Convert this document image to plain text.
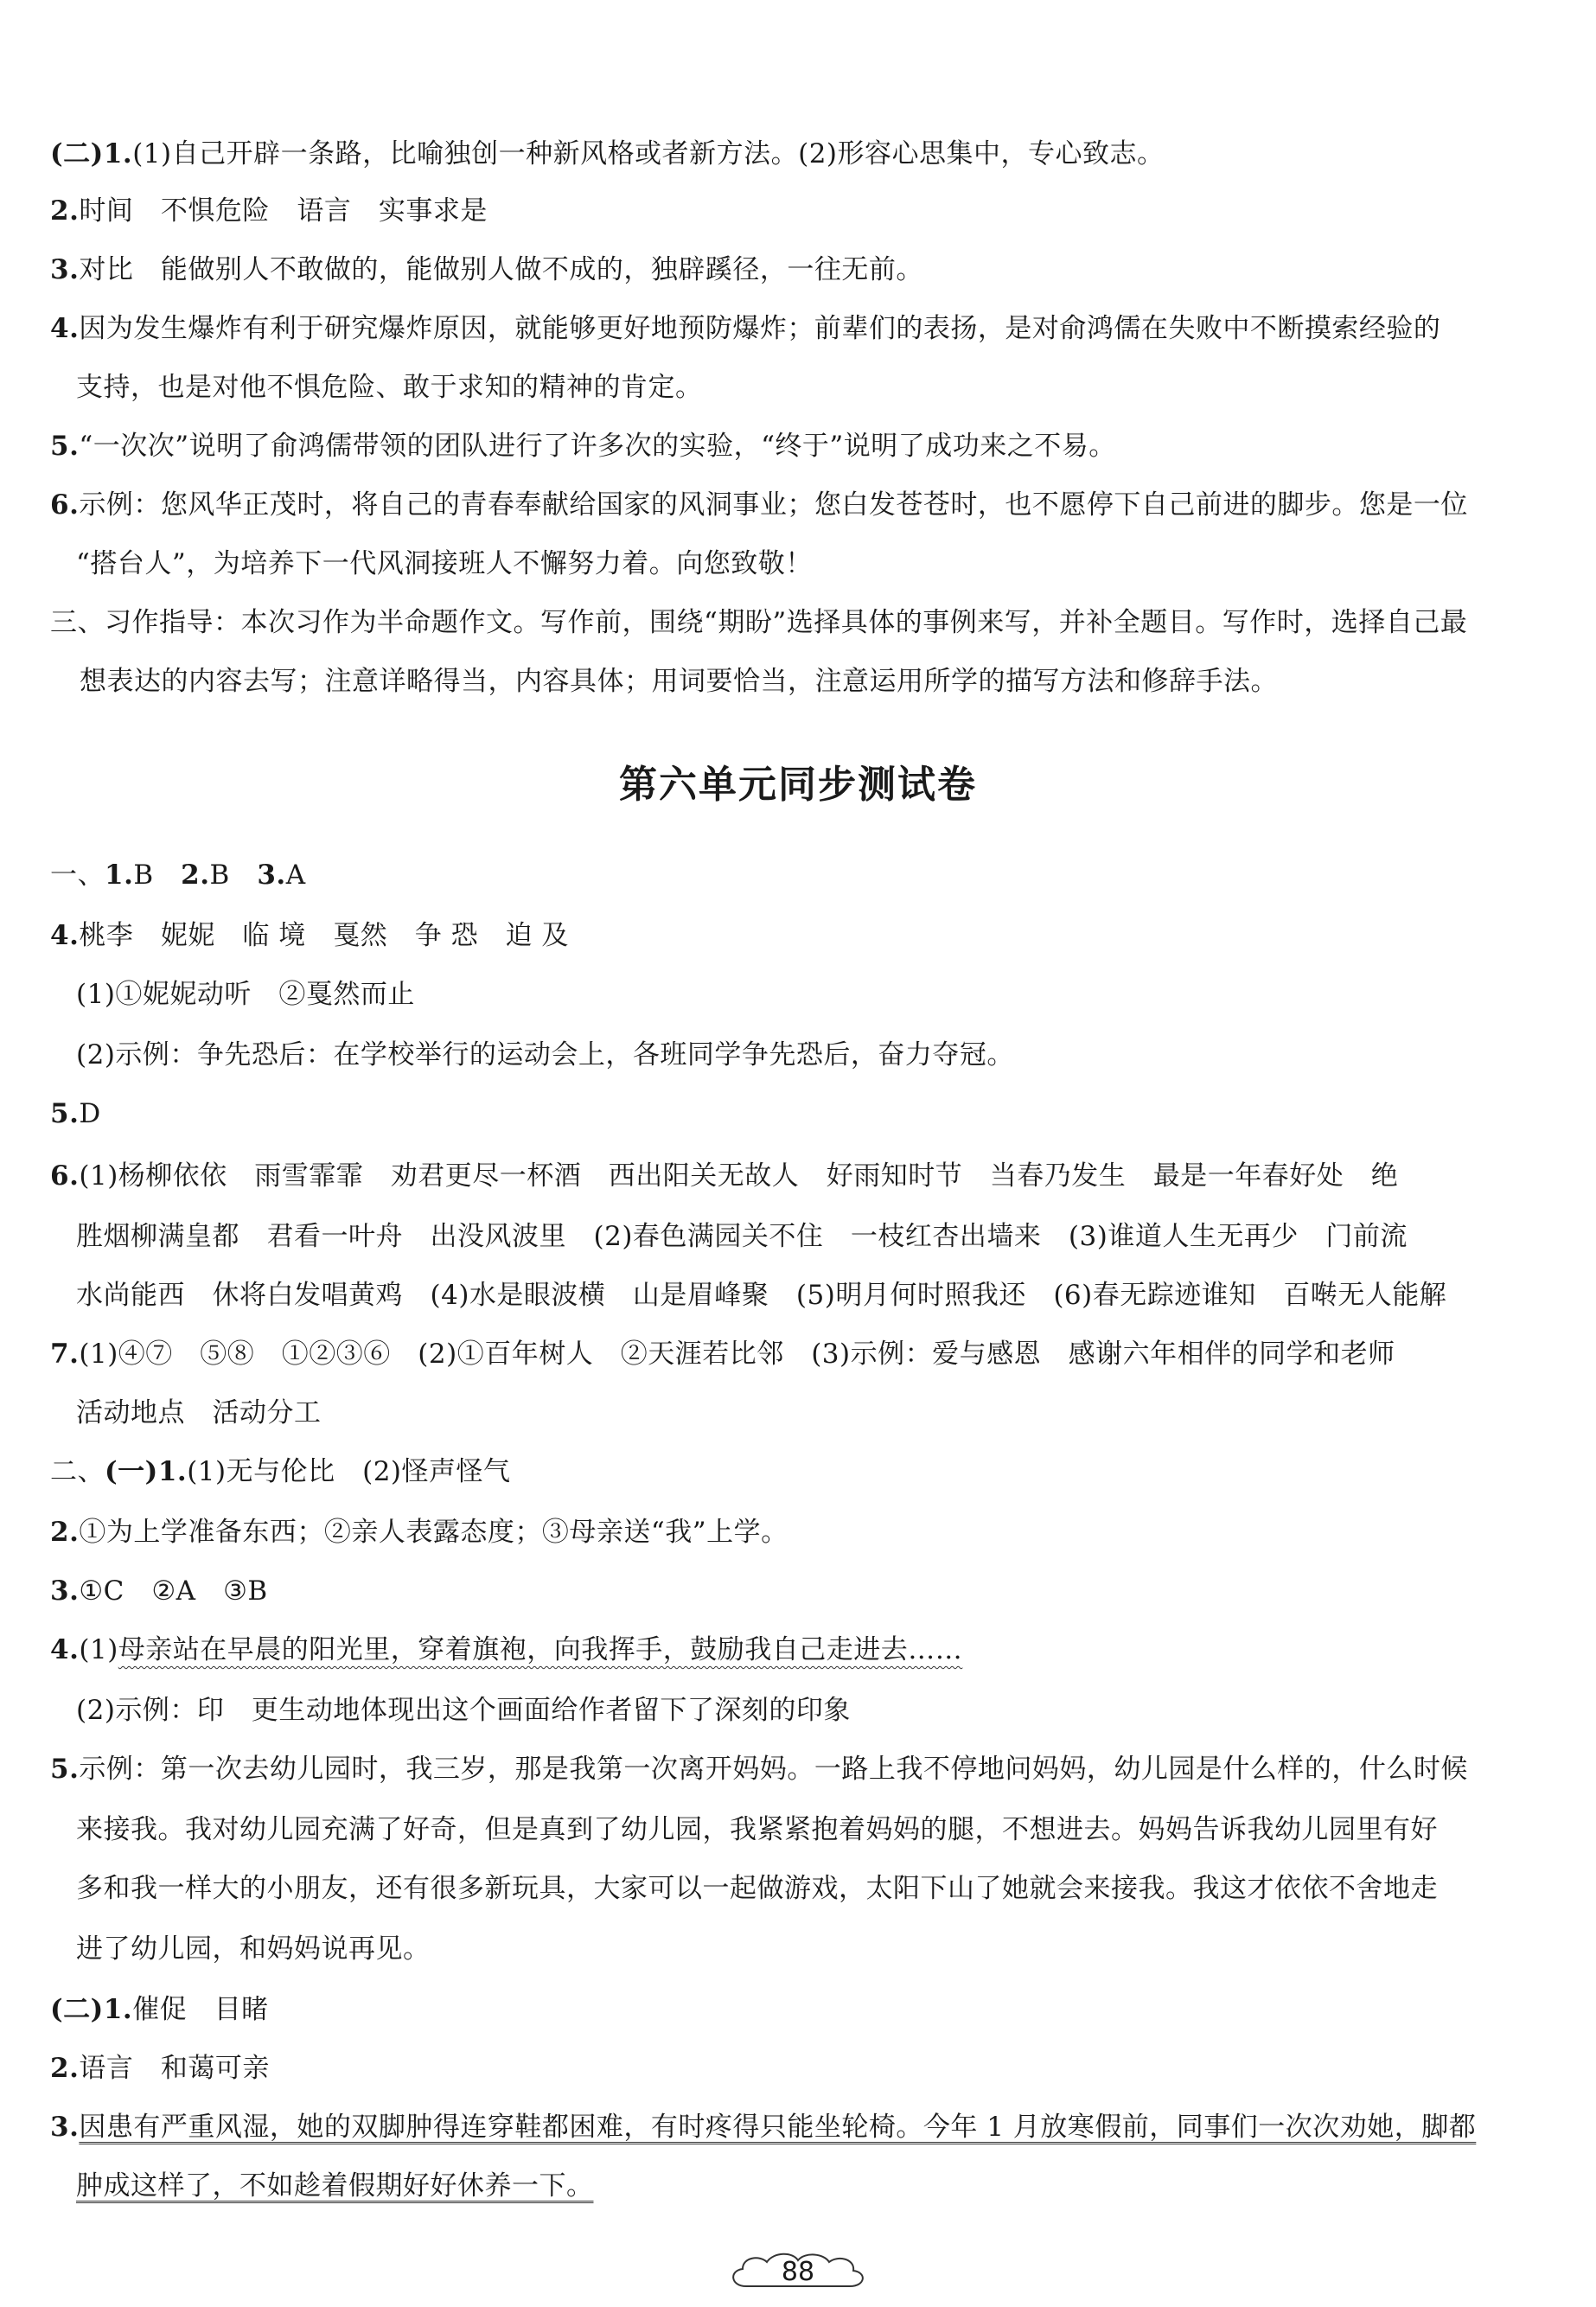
(二)1.(1)自己开辟一条路，比喻独创一种新风格或者新方法。(2)形容心思集中，专心致志。
2.时间　不惧危险　语言　实事求是
3.对比　能做别人不敢做的，能做别人做不成的，独辟蹊径，一往无前。
4.因为发生爆炸有利于研究爆炸原因，就能够更好地预防爆炸；前辈们的表扬，是对俞鸿儒在失败中不断摸索经验的
支持，也是对他不惧危险、敢于求知的精神的肯定。
5.“一次次”说明了俞鸿儒带领的团队进行了许多次的实验，“终于”说明了成功来之不易。
6.示例：您风华正茂时，将自己的青春奉献给国家的风洞事业；您白发苍苍时，也不愿停下自己前进的脚步。您是一位
“搭台人”，为培养下一代风洞接班人不懈努力着。向您致敬！
三、习作指导：本次习作为半命题作文。写作前，围绕“期盼”选择具体的事例来写，并补全题目。写作时，选择自己最
想表达的内容去写；注意详略得当，内容具体；用词要恰当，注意运用所学的描写方法和修辞手法。
第六单元同步测试卷
一、1.B　 2.B　 3.A
4.桃李　妮妮　临 境　戛然　争 恐　迫 及
(1)①妮妮动听　②戛然而止
(2)示例：争先恐后：在学校举行的运动会上，各班同学争先恐后，奋力夺冠。
5.D
6.(1)杨柳依依　雨雪霏霏　劝君更尽一杯酒　西出阳关无故人　好雨知时节　当春乃发生　最是一年春好处　绝
胜烟柳满皇都　君看一叶舟　出没风波里　(2)春色满园关不住　一枝红杏出墙来　(3)谁道人生无再少　门前流
水尚能西　休将白发唱黄鸡　(4)水是眼波横　山是眉峰聚　(5)明月何时照我还　(6)春无踪迹谁知　百啭无人能解
7.(1)④⑦　⑤⑧　①②③⑥　(2)①百年树人　②天涯若比邻　(3)示例：爱与感恩　感谢六年相伴的同学和老师
活动地点　活动分工
二、(一)1.(1)无与伦比　(2)怪声怪气
2.①为上学准备东西；②亲人表露态度；③母亲送“我”上学。
3.①C　②A　③B
4.(1)母亲站在早晨的阳光里，穿着旗袍，向我挥手，鼓励我自己走进去……
(2)示例：印　更生动地体现出这个画面给作者留下了深刻的印象
5.示例：第一次去幼儿园时，我三岁，那是我第一次离开妈妈。一路上我不停地问妈妈，幼儿园是什么样的，什么时候
来接我。我对幼儿园充满了好奇，但是真到了幼儿园，我紧紧抱着妈妈的腿，不想进去。妈妈告诉我幼儿园里有好
多和我一样大的小朋友，还有很多新玩具，大家可以一起做游戏，太阳下山了她就会来接我。我这才依依不舍地走
进了幼儿园，和妈妈说再见。
(二)1.催促　目睹
2.语言　和蔼可亲
3.因患有严重风湿，她的双脚肿得连穿鞋都困难，有时疼得只能坐轮椅。今年 1 月放寒假前，同事们一次次劝她，脚都
肿成这样了，不如趁着假期好好休养一下。
88
